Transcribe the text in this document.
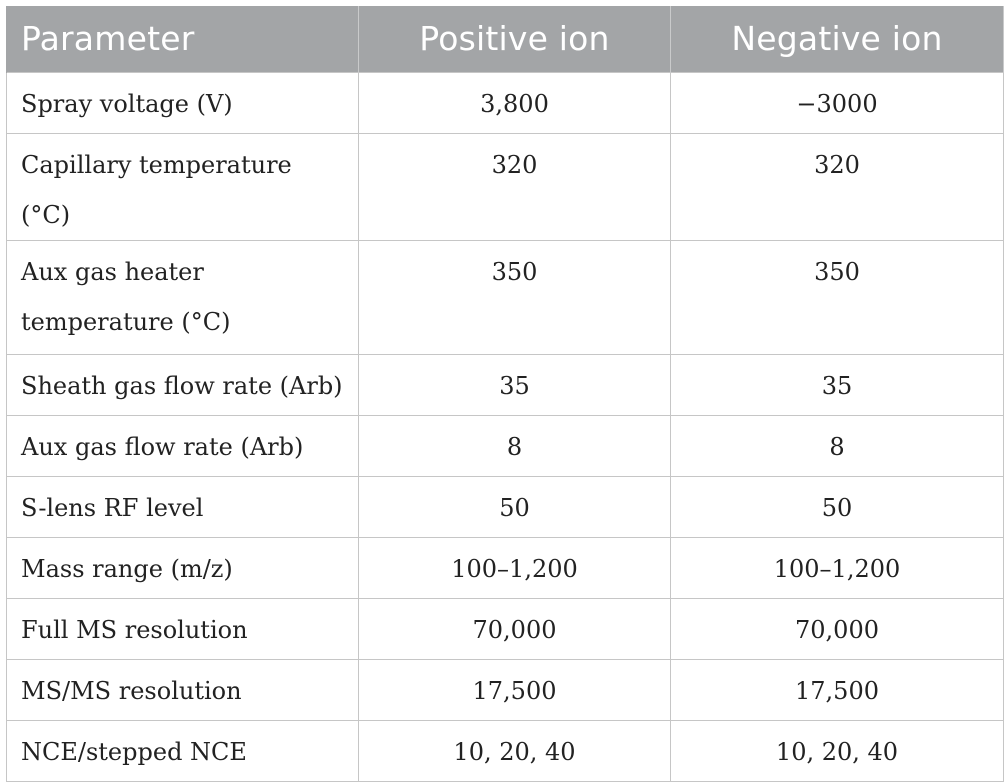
Parameter	Positive ion	Negative ion
Spray voltage (V)	3,800	−3000
Capillary temperature (°C)	320	320
Aux gas heater temperature (°C)	350	350
Sheath gas flow rate (Arb)	35	35
Aux gas flow rate (Arb)	8	8
S-lens RF level	50	50
Mass range (m/z)	100–1,200	100–1,200
Full MS resolution	70,000	70,000
MS/MS resolution	17,500	17,500
NCE/stepped NCE	10, 20, 40	10, 20, 40
